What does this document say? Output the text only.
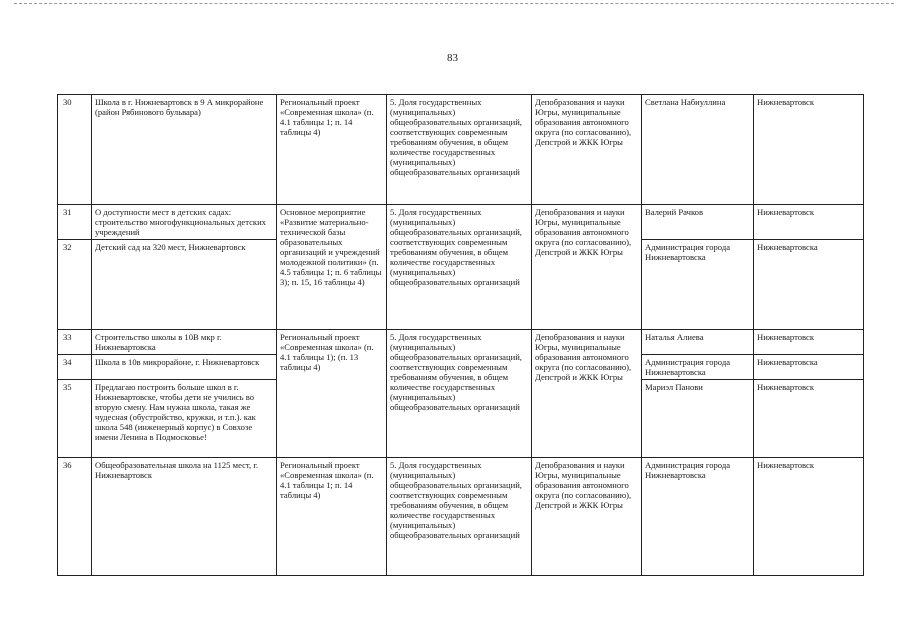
83
30	Школа в г. Нижневартовск в 9 А микрорайоне (район Рябинового бульвара)	Региональный проект «Современная школа» (п. 4.1 таблицы 1; п. 14 таблицы 4)	5. Доля государственных (муниципальных) общеобразовательных организаций, соответствующих современным требованиям обучения, в общем количестве государственных (муниципальных) общеобразовательных организаций	Депобразования и науки Югры, муниципальные образования автономного округа (по согласованию), Депстрой и ЖКК Югры	Светлана Набиуллина	Нижневартовск
31	О доступности мест в детских садах: строительство многофункциональных детских учреждений	Основное мероприятие «Развитие материально-технической базы образовательных организаций и учреждений молодежной политики» (п. 4.5 таблицы 1; п. 6 таблицы 3); п. 15, 16 таблицы 4)	5. Доля государственных (муниципальных) общеобразовательных организаций, соответствующих современным требованиям обучения, в общем количестве государственных (муниципальных) общеобразовательных организаций	Депобразования и науки Югры, муниципальные образования автономного округа (по согласованию), Депстрой и ЖКК Югры	Валерий Рачков	Нижневартовск
32	Детский сад на 320 мест, Нижневартовск				Администрация города Нижневартовска	Нижневартовска
33	Строительство школы в 10В мкр г. Нижневартовска	Региональный проект «Современная школа» (п. 4.1 таблицы 1); (п. 13 таблицы 4)	5. Доля государственных (муниципальных) общеобразовательных организаций, соответствующих современным требованиям обучения, в общем количестве государственных (муниципальных) общеобразовательных организаций	Депобразования и науки Югры, муниципальные образования автономного округа (по согласованию), Депстрой и ЖКК Югры	Наталья Алиева	Нижневартовск
34	Школа в 10в микрорайоне, г. Нижневартовск				Администрация города Нижневартовска	Нижневартовска
35	Предлагаю построить больше школ в г. Нижневартовске, чтобы дети не учились во вторую смену. Нам нужна школа, такая же чудесная (обустройство, кружки, и т.п.). как школа 548 (инженерный корпус) в Совхозе имени Ленина в Подмосковье!				Мариэл Панови	Нижневартовск
36	Общеобразовательная школа на 1125 мест, г. Нижневартовск	Региональный проект «Современная школа» (п. 4.1 таблицы 1; п. 14 таблицы 4)	5. Доля государственных (муниципальных) общеобразовательных организаций, соответствующих современным требованиям обучения, в общем количестве государственных (муниципальных) общеобразовательных организаций	Депобразования и науки Югры, муниципальные образования автономного округа (по согласованию), Депстрой и ЖКК Югры	Администрация города Нижневартовска	Нижневартовск
